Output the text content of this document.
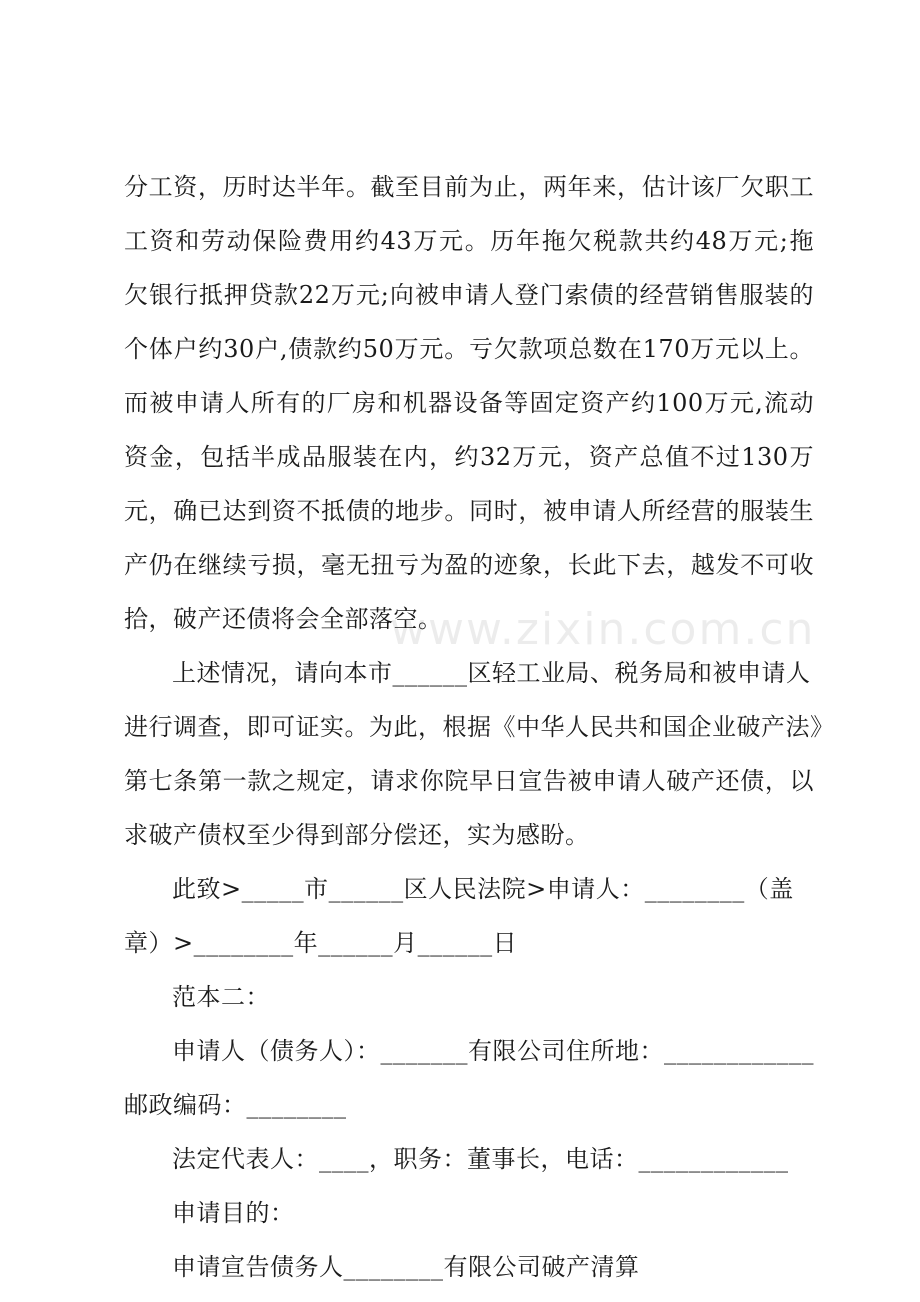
www.zixin.com.cn
分工资，历时达半年。截至目前为止，两年来，估计该厂欠职工
工资和劳动保险费用约43万元。历年拖欠税款共约48万元;拖
欠银行抵押贷款22万元;向被申请人登门索债的经营销售服装的
个体户约30户,债款约50万元。亏欠款项总数在170万元以上。
而被申请人所有的厂房和机器设备等固定资产约100万元,流动
资金，包括半成品服装在内，约32万元，资产总值不过130万
元，确已达到资不抵债的地步。同时，被申请人所经营的服装生
产仍在继续亏损，毫无扭亏为盈的迹象，长此下去，越发不可收
拾，破产还债将会全部落空。
上述情况，请向本市______区轻工业局、税务局和被申请人
进行调查，即可证实。为此，根据《中华人民共和国企业破产法》
第七条第一款之规定，请求你院早日宣告被申请人破产还债，以
求破产债权至少得到部分偿还，实为感盼。
此致>_____市______区人民法院>申请人：________（盖
章）>________年______月______日
范本二：
申请人（债务人）：_______有限公司住所地：____________
邮政编码：________
法定代表人：____，职务：董事长，电话：____________
申请目的：
申请宣告债务人________有限公司破产清算
